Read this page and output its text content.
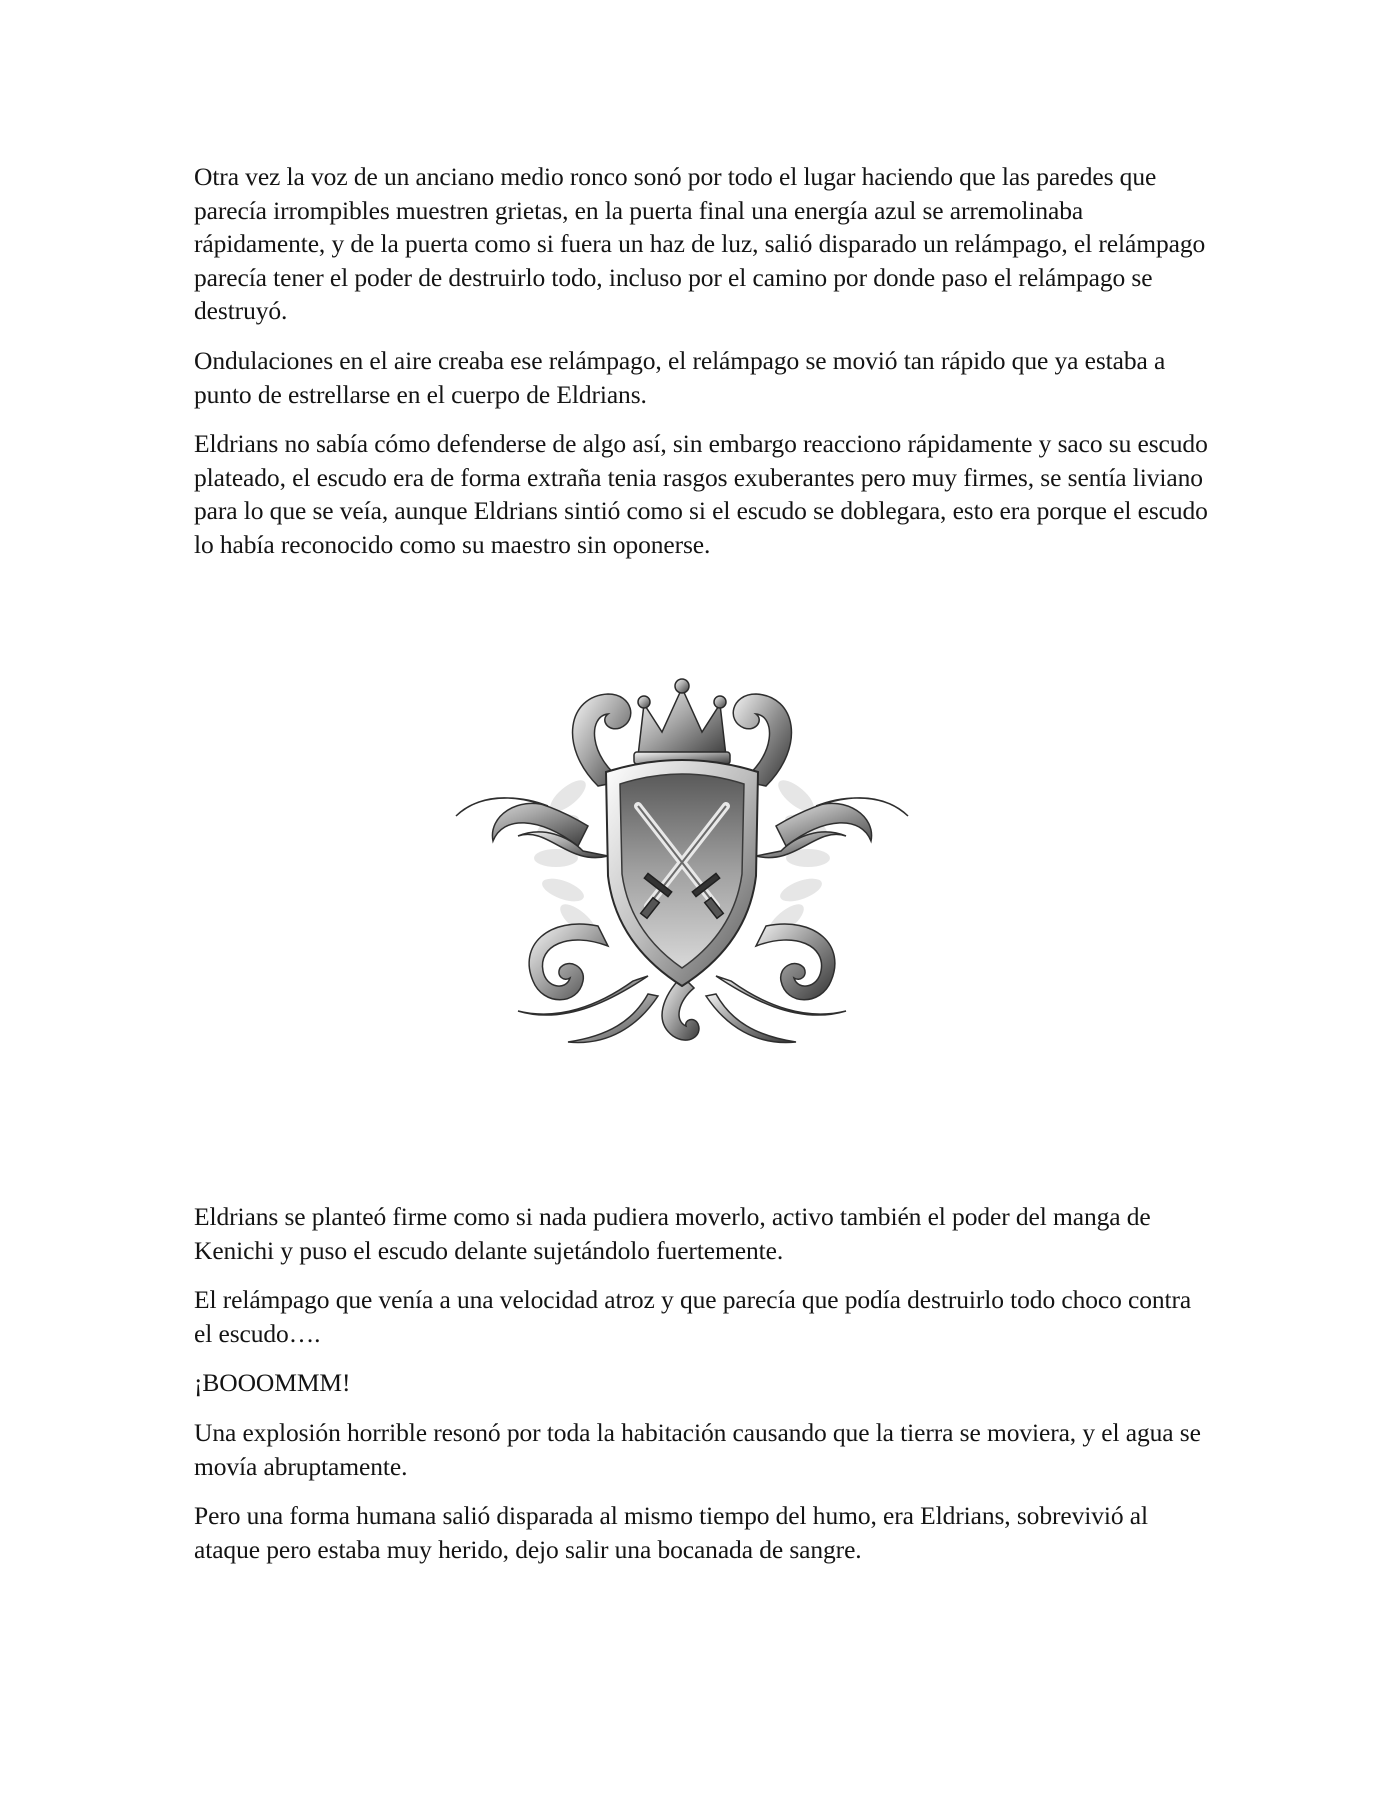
Otra vez la voz de un anciano medio ronco sonó por todo el lugar haciendo que las paredes que parecía irrompibles muestren grietas, en la puerta final una energía azul se arremolinaba rápidamente, y de la puerta como si fuera un haz de luz, salió disparado un relámpago, el relámpago parecía tener el poder de destruirlo todo, incluso por el camino por donde paso el relámpago se destruyó.

Ondulaciones en el aire creaba ese relámpago, el relámpago se movió tan rápido que ya estaba a punto de estrellarse en el cuerpo de Eldrians.

Eldrians no sabía cómo defenderse de algo así, sin embargo reacciono rápidamente y saco su escudo plateado, el escudo era de forma extraña tenia rasgos exuberantes pero muy firmes, se sentía liviano para lo que se veía, aunque Eldrians sintió como si el escudo se doblegara, esto era porque el escudo lo había reconocido como su maestro sin oponerse.

Eldrians se planteó firme como si nada pudiera moverlo, activo también el poder del manga de Kenichi y puso el escudo delante sujetándolo fuertemente.

El relámpago que venía a una velocidad atroz y que parecía que podía destruirlo todo choco contra el escudo….

¡BOOOMMM!

Una explosión horrible resonó por toda la habitación causando que la tierra se moviera, y el agua se movía abruptamente.

Pero una forma humana salió disparada al mismo tiempo del humo, era Eldrians, sobrevivió al ataque pero estaba muy herido, dejo salir una bocanada de sangre.
